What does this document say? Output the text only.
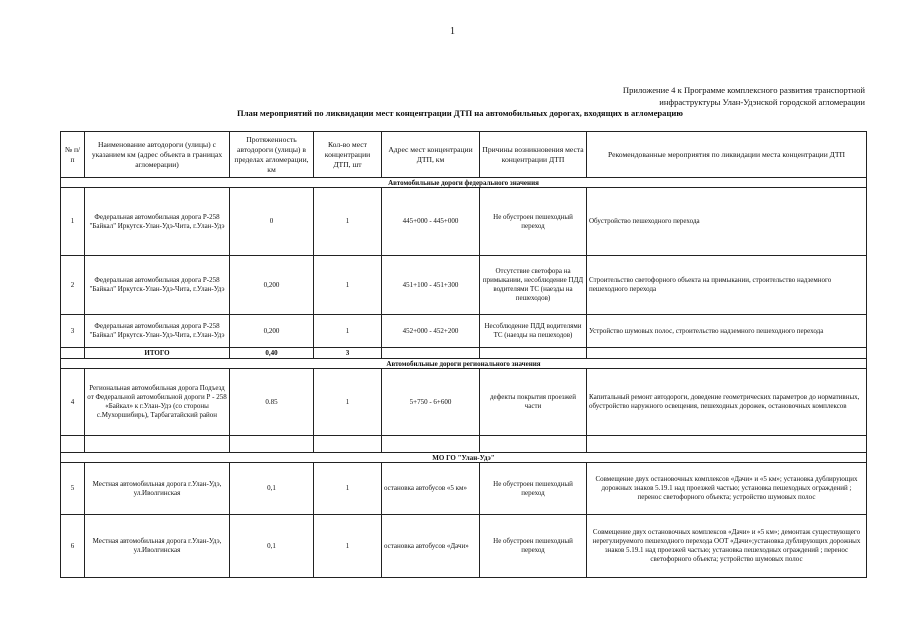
1
Приложение 4 к Программе комплексного развития транспортной
инфраструктуры Улан-Удэнской городской агломерации
План мероприятий по ликвидации мест концентрации ДТП на автомобильных дорогах, входящих в агломерацию
№ п/п	Наименование автодороги (улицы) с указанием км (адрес объекта в границах агломерации)	Протяженность автодороги (улицы) в пределах агломерации, км	Кол-во мест концентрации ДТП, шт	Адрес мест концентрации ДТП, км	Причины возникновения места концентрации ДТП	Рекомендованные мероприятия по ликвидации места концентрации ДТП
Автомобильные дороги федерального значения						
1	Федеральная автомобильная дорога Р-258 "Байкал" Иркутск-Улан-Удэ-Чита, г.Улан-Удэ	0	1	445+000 - 445+000	Не обустроен пешеходный переход	Обустройство пешеходного перехода
2	Федеральная автомобильная дорога Р-258 "Байкал" Иркутск-Улан-Удэ-Чита, г.Улан-Удэ	0,200	1	451+100 - 451+300	Отсутствие светофора на примыкании, несоблюдение ПДД водителями ТС (наезды на пешеходов)	Строительство светофорного объекта на примыкании, строительство надземного пешеходного перехода
3	Федеральная автомобильная дорога Р-258 "Байкал" Иркутск-Улан-Удэ-Чита, г.Улан-Удэ	0,200	1	452+000 - 452+200	Несоблюдение ПДД водителями ТС (наезды на пешеходов)	Устройство шумовых полос, строительство надземного пешеходного перехода
	ИТОГО	0,40	3			
Автомобильные дороги регионального значения						
4	Региональная автомобильная дорога Подъезд от Федеральной автомобильной дороги Р - 258 «Байкал» к г.Улан-Удэ (со стороны с.Мухоршибирь), Тарбагатайский район	0.85	1	5+750 - 6+600	дефекты покрытия проезжей части	Капитальный ремонт автодороги, доведение геометрических параметров до нормативных, обустройство наружного освещения, пешеходных дорожек, остановочных комплексов

МО ГО "Улан-Удэ"						
5	Местная автомобильная дорога г.Улан-Удэ, ул.Иволгинская	0,1	1	остановка автобусов «5 км»	Не обустроен пешеходный переход	Совмещение двух остановочных комплексов «Дачи» и «5 км»; установка дублирующих дорожных знаков 5.19.1 над проезжей частью; установка пешеходных ограждений ; перенос светофорного объекта; устройство шумовых полос
6	Местная автомобильная дорога г.Улан-Удэ, ул.Иволгинская	0,1	1	остановка автобусов «Дачи»	Не обустроен пешеходный переход	Совмещение двух остановочных комплексов «Дачи» и «5 км»; демонтаж существующего нерегулируемого пешеходного перехода ООТ «Дачи»;установка дублирующих дорожных знаков 5.19.1 над проезжей частью; установка пешеходных ограждений ; перенос светофорного объекта; устройство шумовых полос
